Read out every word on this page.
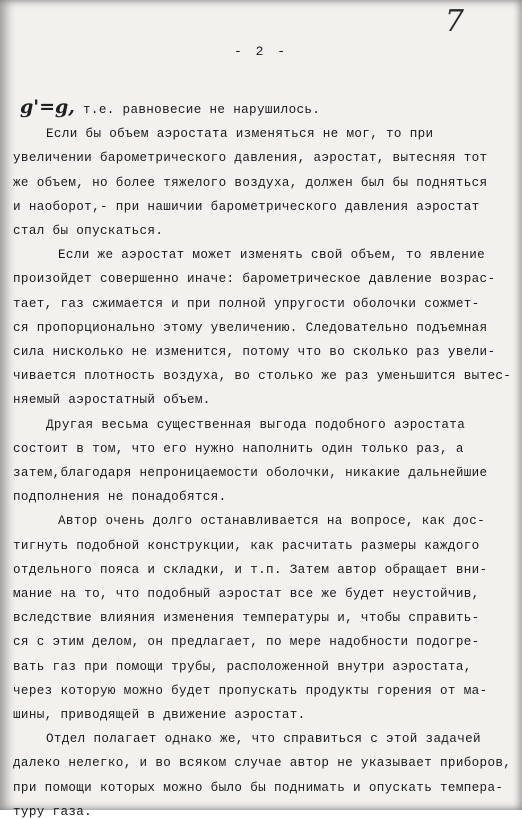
7
- 2 -
g'=g, т.е. равновесие не нарушилось.
Если бы объем аэростата изменяться не мог, то при
увеличении барометрического давления, аэростат, вытесняя тот
же объем, но более тяжелого воздуха, должен был бы подняться
и наоборот,- при нашичии барометрического давления аэростат
стал бы опускаться.
Если же аэростат может изменять свой объем, то явление
произойдет совершенно иначе: барометрическое давление возрас-
тает, газ сжимается и при полной упругости оболочки сожмет-
ся пропорционально этому увеличению. Следовательно подъемная
сила нисколько не изменится, потому что во сколько раз увели-
чивается плотность воздуха, во столько же раз уменьшится вытес-
няемый аэростатный объем.
Другая весьма существенная выгода подобного аэростата
состоит в том, что его нужно наполнить один только раз, а
затем,благодаря непроницаемости оболочки, никакие дальнейшие
подполнения не понадобятся.
Автор очень долго останавливается на вопросе, как дос-
тигнуть подобной конструкции, как расчитать размеры каждого
отдельного пояса и складки, и т.п. Затем автор обращает вни-
мание на то, что подобный аэростат все же будет неустойчив,
вследствие влияния изменения температуры и, чтобы справить-
ся с этим делом, он предлагает, по мере надобности подогре-
вать газ при помощи трубы, расположенной внутри аэростата,
через которую можно будет пропускать продукты горения от ма-
шины, приводящей в движение аэростат.
Отдел полагает однако же, что справиться с этой задачей
далеко нелегко, и во всяком случае автор не указывает приборов,
при помощи которых можно было бы поднимать и опускать темпера-
туру газа.
